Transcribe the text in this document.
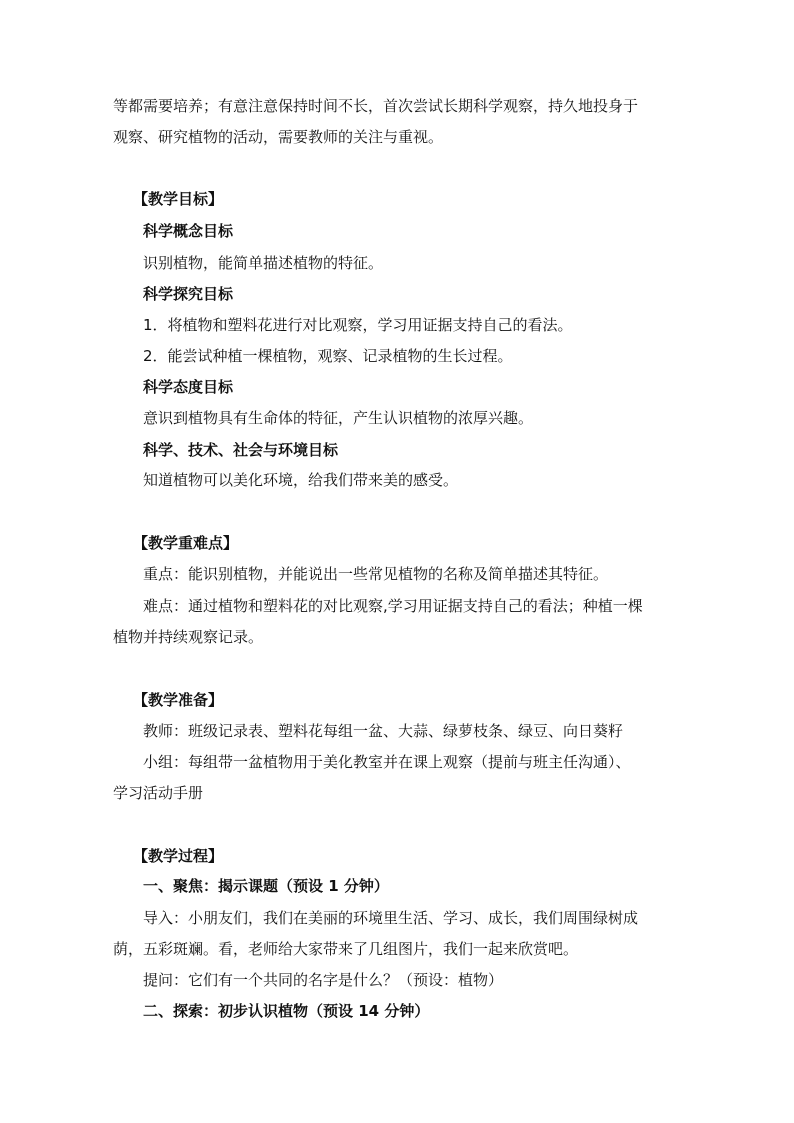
等都需要培养；有意注意保持时间不长，首次尝试长期科学观察，持久地投身于
观察、研究植物的活动，需要教师的关注与重视。
【教学目标】
科学概念目标
识别植物，能简单描述植物的特征。
科学探究目标
1．将植物和塑料花进行对比观察，学习用证据支持自己的看法。
2．能尝试种植一棵植物，观察、记录植物的生长过程。
科学态度目标
意识到植物具有生命体的特征，产生认识植物的浓厚兴趣。
科学、技术、社会与环境目标
知道植物可以美化环境，给我们带来美的感受。
【教学重难点】
重点：能识别植物，并能说出一些常见植物的名称及简单描述其特征。
难点：通过植物和塑料花的对比观察,学习用证据支持自己的看法；种植一棵
植物并持续观察记录。
【教学准备】
教师：班级记录表、塑料花每组一盆、大蒜、绿萝枝条、绿豆、向日葵籽
小组：每组带一盆植物用于美化教室并在课上观察（提前与班主任沟通）、
学习活动手册
【教学过程】
一、聚焦：揭示课题（预设 1 分钟）
导入：小朋友们，我们在美丽的环境里生活、学习、成长，我们周围绿树成
荫，五彩斑斓。看，老师给大家带来了几组图片，我们一起来欣赏吧。
提问：它们有一个共同的名字是什么？（预设：植物）
二、探索：初步认识植物（预设 14 分钟）
